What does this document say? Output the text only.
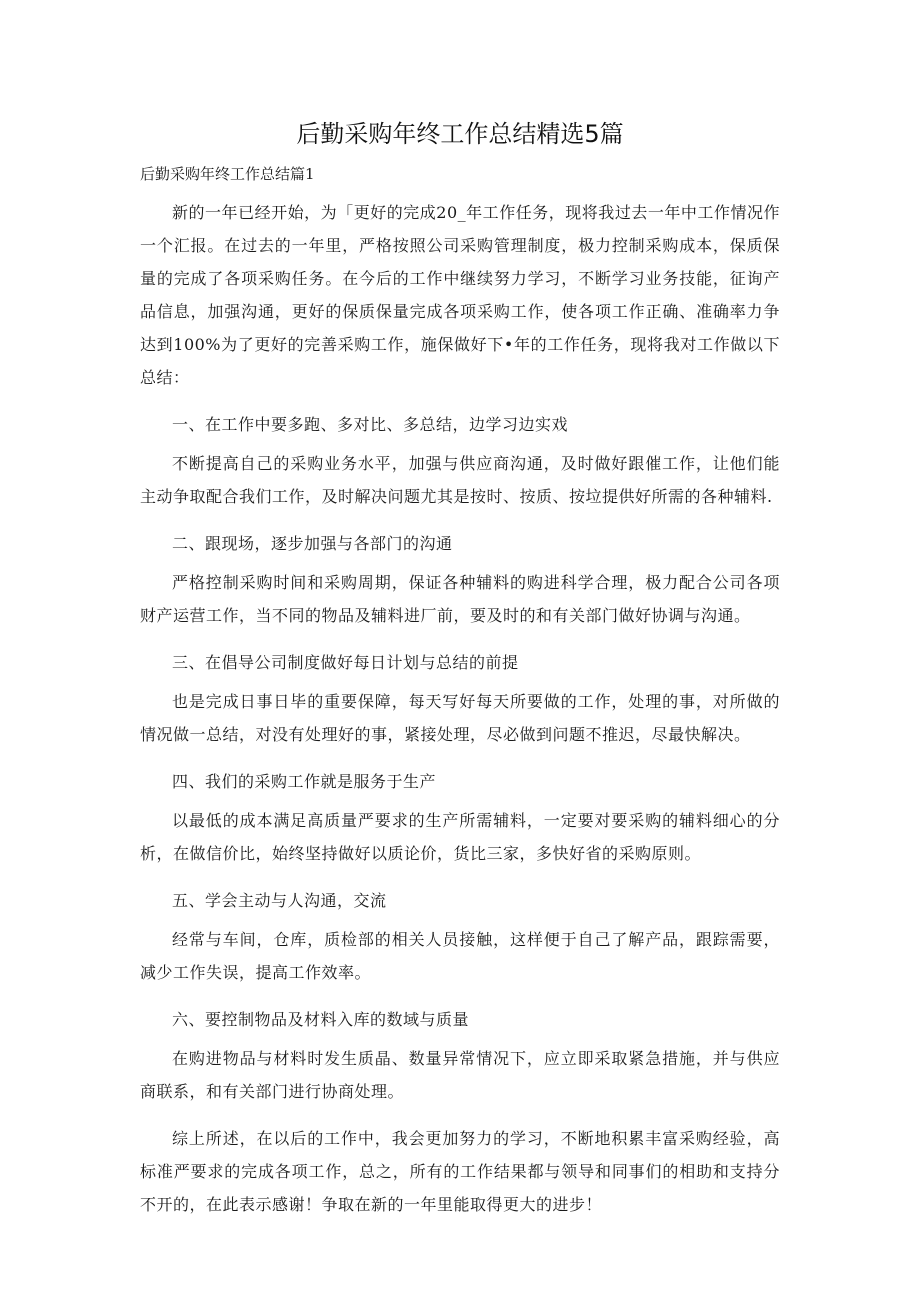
后勤采购年终工作总结精选5篇

后勤采购年终工作总结篇1

新的一年已经开始，为「更好的完成20_年工作任务，现将我过去一年中工作情况作一个汇报。在过去的一年里，严格按照公司采购管理制度，极力控制采购成本，保质保量的完成了各项采购任务。在今后的工作中继续努力学习，不断学习业务技能，征询产品信息，加强沟通，更好的保质保量完成各项采购工作，使各项工作正确、准确率力争达到100%为了更好的完善采购工作，施保做好下•年的工作任务，现将我对工作做以下总结：

一、在工作中要多跑、多对比、多总结，边学习边实戏

不断提高自己的采购业务水平，加强与供应商沟通，及时做好跟催工作，让他们能主动争取配合我们工作，及时解决问题尤其是按时、按质、按垃提供好所需的各种辅料.

二、跟现场，逐步加强与各部门的沟通

严格控制采购时间和采购周期，保证各种辅料的购进科学合理，极力配合公司各项财产运营工作，当不同的物品及辅料进厂前，要及时的和有关部门做好协调与沟通。

三、在倡导公司制度做好每日计划与总结的前提

也是完成日事日毕的重要保障，每天写好每天所要做的工作，处理的事，对所做的情况做一总结，对没有处理好的事，紧接处理，尽必做到问题不推迟，尽最快解决。

四、我们的采购工作就是服务于生产

以最低的成本满足高质量严要求的生产所需辅料，一定要对要采购的辅料细心的分析，在做信价比，始终坚持做好以质论价，货比三家，多快好省的采购原则。

五、学会主动与人沟通，交流

经常与车间，仓库，质检部的相关人员接触，这样便于自己了解产品，跟踪需要，减少工作失误，提高工作效率。

六、要控制物品及材料入库的数域与质量

在购进物品与材料时发生质晶、数量异常情况下，应立即采取紧急措施，并与供应商联系，和有关部门进行协商处理。

综上所述，在以后的工作中，我会更加努力的学习，不断地积累丰富采购经验，高标准严要求的完成各项工作，总之，所有的工作结果都与领导和同事们的相助和支持分不开的，在此表示感谢！争取在新的一年里能取得更大的进步！
